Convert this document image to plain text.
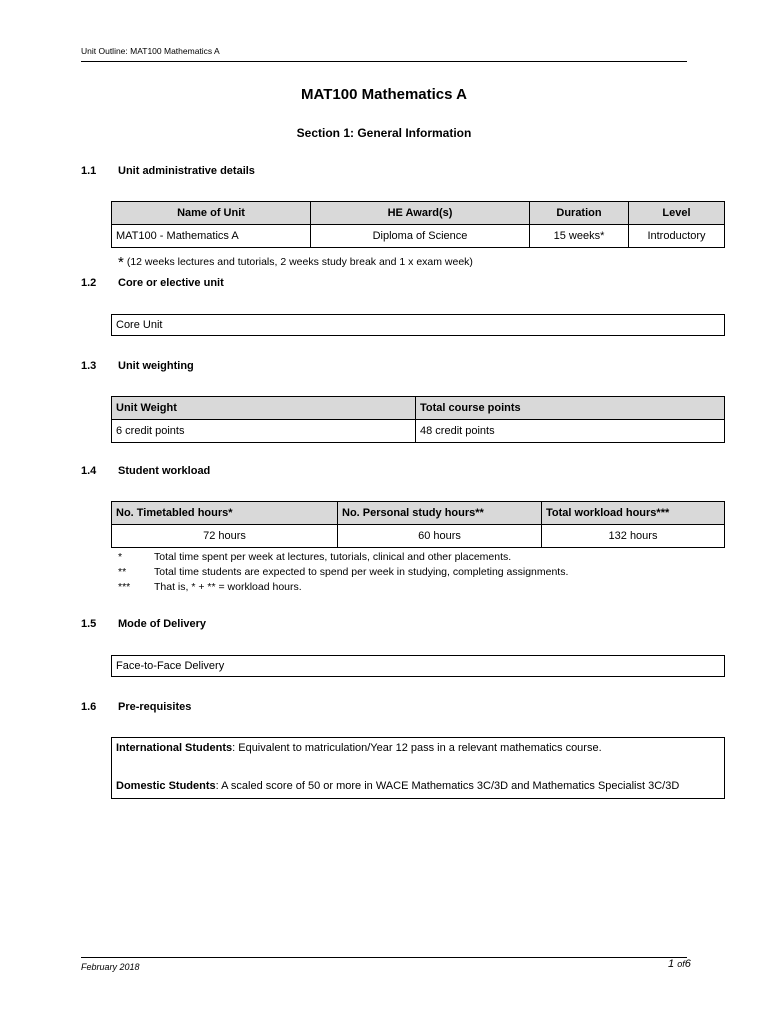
Unit Outline: MAT100 Mathematics A
MAT100 Mathematics A
Section 1: General Information
1.1 Unit administrative details
Name of Unit	HE Award(s)	Duration	Level
MAT100 - Mathematics A	Diploma of Science	15 weeks*	Introductory
* (12 weeks lectures and tutorials, 2 weeks study break and 1 x exam week)
1.2 Core or elective unit
Core Unit
1.3 Unit weighting
Unit Weight	Total course points
6 credit points	48 credit points
1.4 Student workload
No. Timetabled hours*	No. Personal study hours**	Total workload hours***
72 hours	60 hours	132 hours
*	Total time spent per week at lectures, tutorials, clinical and other placements.
**	Total time students are expected to spend per week in studying, completing assignments.
*** That is, * + ** = workload hours.
1.5 Mode of Delivery
Face-to-Face Delivery
1.6 Pre-requisites
International Students: Equivalent to matriculation/Year 12 pass in a relevant mathematics course.
Domestic Students: A scaled score of 50 or more in WACE Mathematics 3C/3D and Mathematics Specialist 3C/3D
February 2018	1 of6
